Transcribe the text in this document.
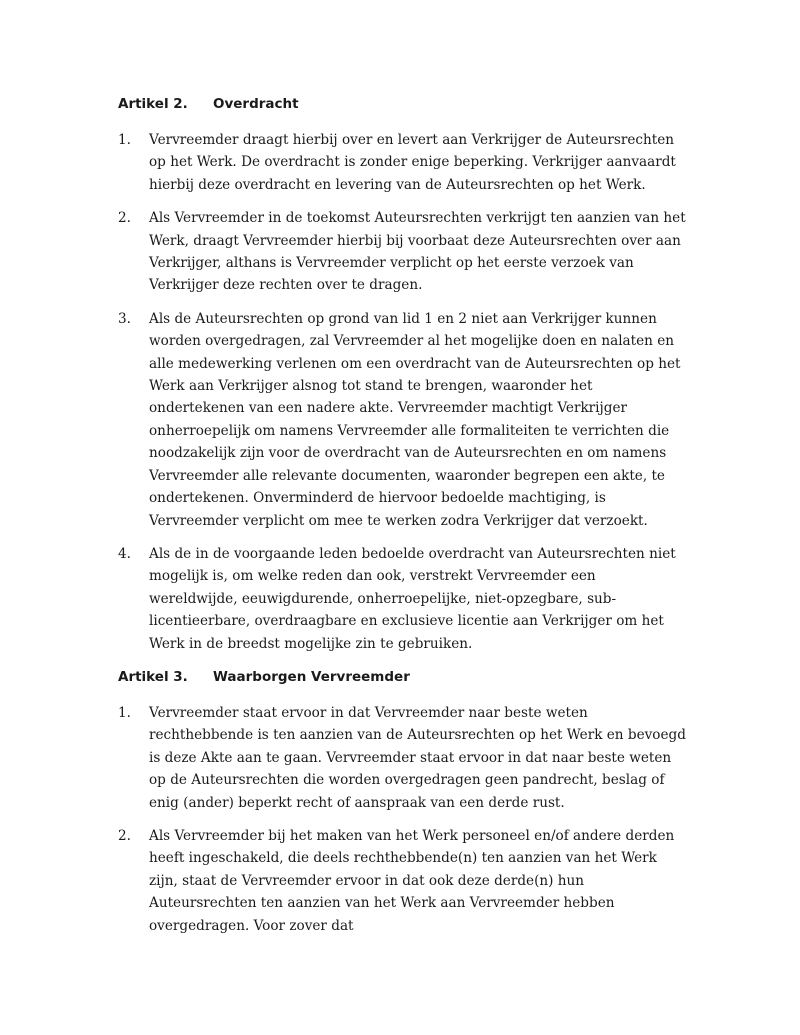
Artikel 2. Overdracht
1. Vervreemder draagt hierbij over en levert aan Verkrijger de Auteursrechten op het Werk. De overdracht is zonder enige beperking. Verkrijger aanvaardt hierbij deze overdracht en levering van de Auteursrechten op het Werk.
2. Als Vervreemder in de toekomst Auteursrechten verkrijgt ten aanzien van het Werk, draagt Vervreemder hierbij bij voorbaat deze Auteursrechten over aan Verkrijger, althans is Vervreemder verplicht op het eerste verzoek van Verkrijger deze rechten over te dragen.
3. Als de Auteursrechten op grond van lid 1 en 2 niet aan Verkrijger kunnen worden overgedragen, zal Vervreemder al het mogelijke doen en nalaten en alle medewerking verlenen om een overdracht van de Auteursrechten op het Werk aan Verkrijger alsnog tot stand te brengen, waaronder het ondertekenen van een nadere akte. Vervreemder machtigt Verkrijger onherroepelijk om namens Vervreemder alle formaliteiten te verrichten die noodzakelijk zijn voor de overdracht van de Auteursrechten en om namens Vervreemder alle relevante documenten, waaronder begrepen een akte, te ondertekenen. Onverminderd de hiervoor bedoelde machtiging, is Vervreemder verplicht om mee te werken zodra Verkrijger dat verzoekt.
4. Als de in de voorgaande leden bedoelde overdracht van Auteursrechten niet mogelijk is, om welke reden dan ook, verstrekt Vervreemder een wereldwijde, eeuwigdurende, onherroepelijke, niet-opzegbare, sub-licentieerbare, overdraagbare en exclusieve licentie aan Verkrijger om het Werk in de breedst mogelijke zin te gebruiken.
Artikel 3. Waarborgen Vervreemder
1. Vervreemder staat ervoor in dat Vervreemder naar beste weten rechthebbende is ten aanzien van de Auteursrechten op het Werk en bevoegd is deze Akte aan te gaan. Vervreemder staat ervoor in dat naar beste weten op de Auteursrechten die worden overgedragen geen pandrecht, beslag of enig (ander) beperkt recht of aanspraak van een derde rust.
2. Als Vervreemder bij het maken van het Werk personeel en/of andere derden heeft ingeschakeld, die deels rechthebbende(n) ten aanzien van het Werk zijn, staat de Vervreemder ervoor in dat ook deze derde(n) hun Auteursrechten ten aanzien van het Werk aan Vervreemder hebben overgedragen. Voor zover dat
